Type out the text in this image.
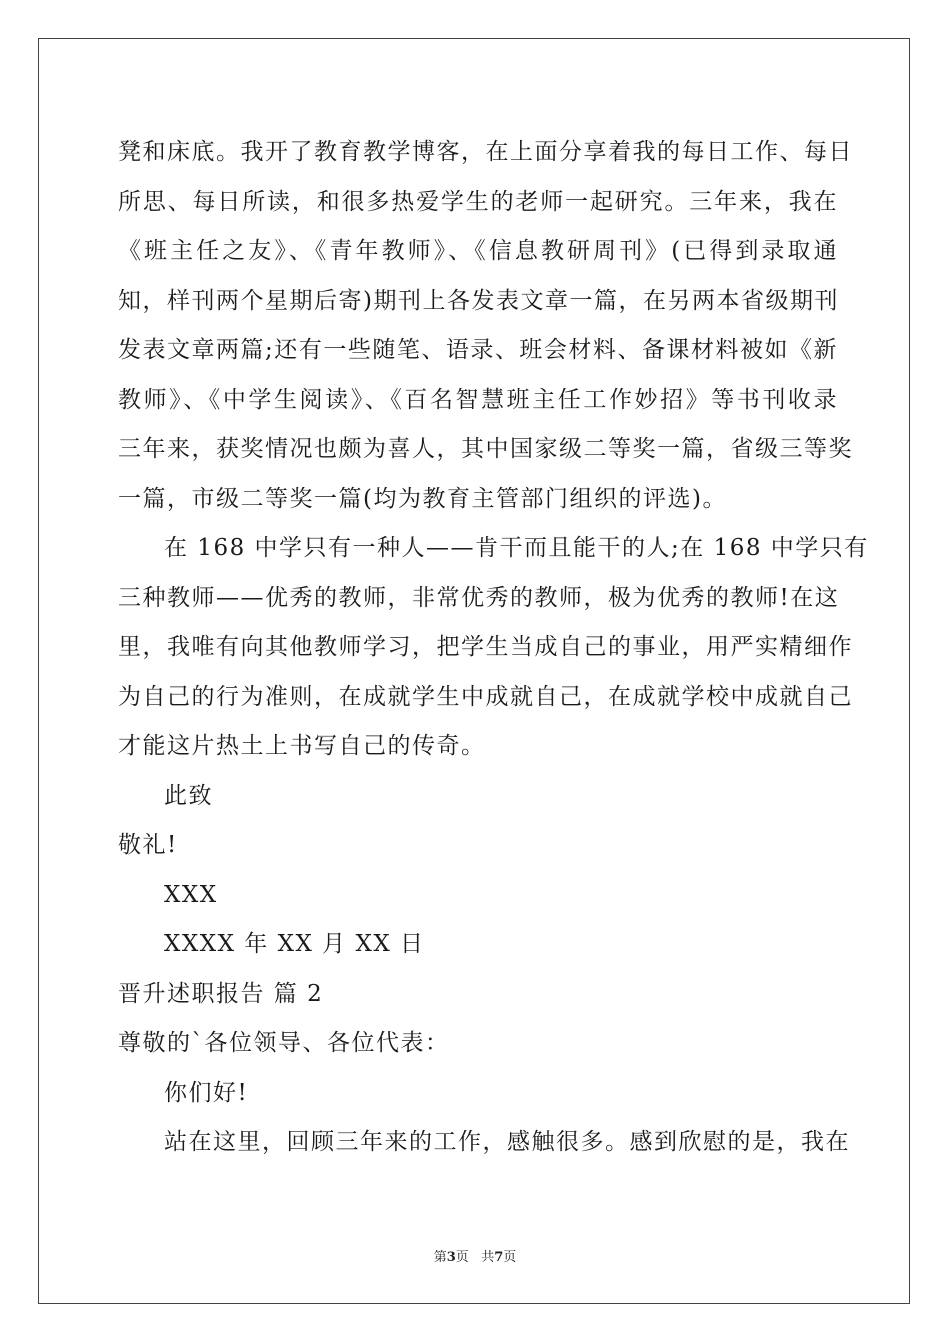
凳和床底。我开了教育教学博客，在上面分享着我的每日工作、每日
所思、每日所读，和很多热爱学生的老师一起研究。三年来，我在
《班主任之友》、《青年教师》、《信息教研周刊》(已得到录取通
知，样刊两个星期后寄)期刊上各发表文章一篇，在另两本省级期刊
发表文章两篇;还有一些随笔、语录、班会材料、备课材料被如《新
教师》、《中学生阅读》、《百名智慧班主任工作妙招》等书刊收录
三年来，获奖情况也颇为喜人，其中国家级二等奖一篇，省级三等奖
一篇，市级二等奖一篇(均为教育主管部门组织的评选)。
在 168 中学只有一种人——肯干而且能干的人;在 168 中学只有
三种教师——优秀的教师，非常优秀的教师，极为优秀的教师!在这
里，我唯有向其他教师学习，把学生当成自己的事业，用严实精细作
为自己的行为准则，在成就学生中成就自己，在成就学校中成就自己
才能这片热土上书写自己的传奇。
此致
敬礼!
XXX
XXXX 年 XX 月 XX 日
晋升述职报告 篇 2
尊敬的`各位领导、各位代表：
你们好!
站在这里，回顾三年来的工作，感触很多。感到欣慰的是，我在
第3页 共7页
